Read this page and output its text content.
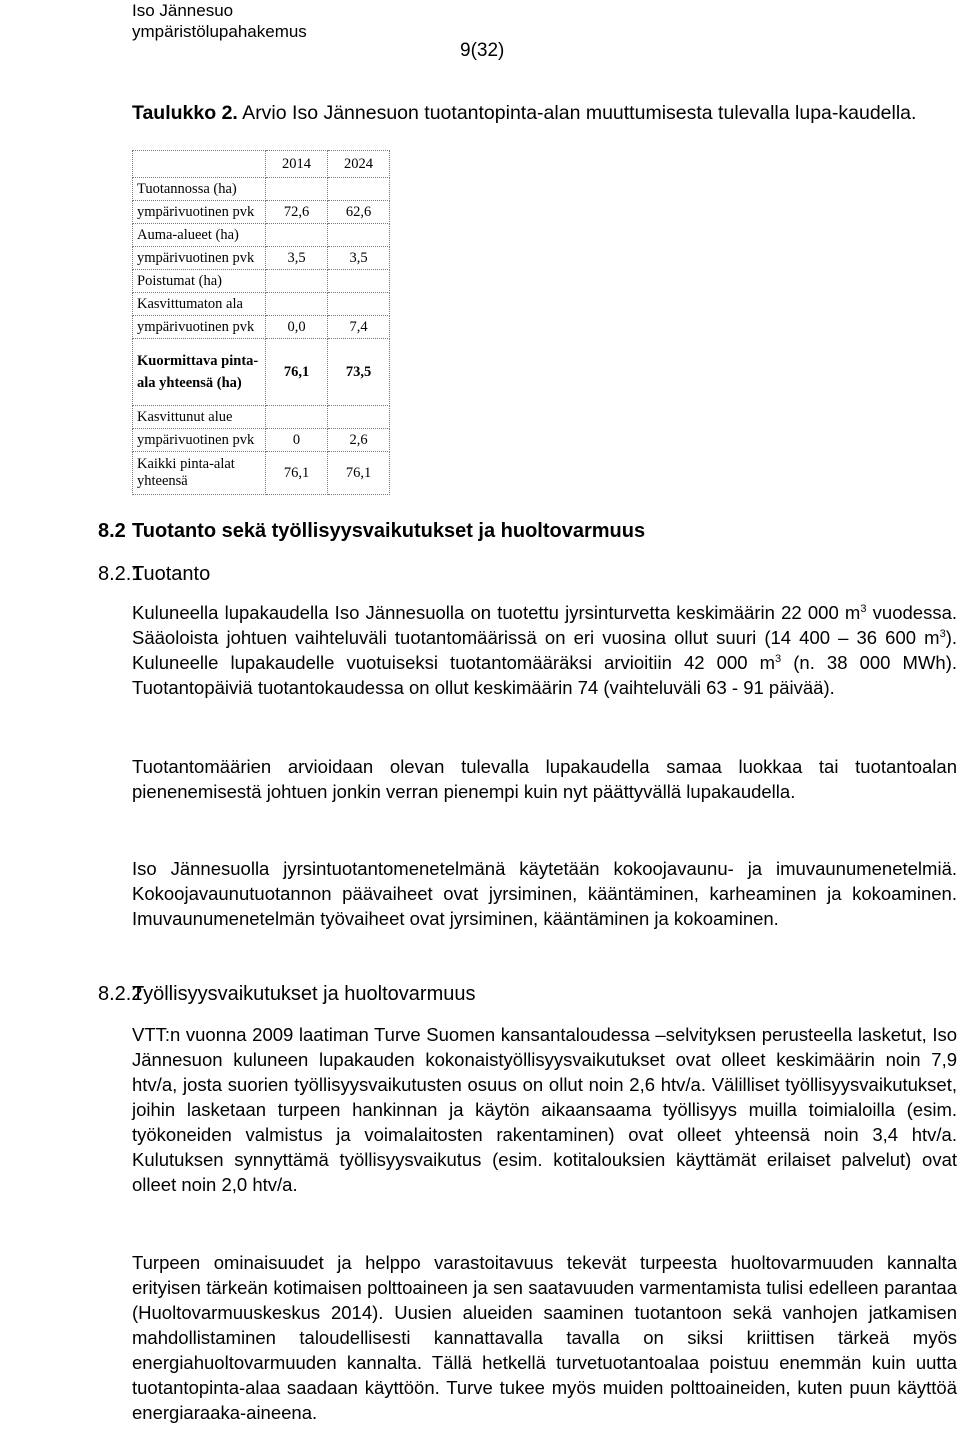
Iso Jännesuo
ympäristölupahakemus
9(32)

Taulukko 2. Arvio Iso Jännesuon tuotantopinta-alan muuttumisesta tulevalla lupa-kaudella.

	2014	2024
Tuotannossa (ha)		
ympärivuotinen pvk	72,6	62,6
Auma-alueet (ha)		
ympärivuotinen pvk	3,5	3,5
Poistumat (ha)		
Kasvittumaton ala		
ympärivuotinen pvk	0,0	7,4
Kuormittava pinta-ala yhteensä (ha)	76,1	73,5
Kasvittunut alue		
ympärivuotinen pvk	0	2,6
Kaikki pinta-alat yhteensä	76,1	76,1
8.2 Tuotanto sekä työllisyysvaikutukset ja huoltovarmuus
8.2.1Tuotanto

Kuluneella lupakaudella Iso Jännesuolla on tuotettu jyrsinturvetta keskimäärin 22 000 $m^3$ vuodessa. Sääoloista johtuen vaihteluväli tuotantomäärissä on eri vuosina ollut suuri (14 400 – 36 600 $m^3$). Kuluneelle lupakaudelle vuotuiseksi tuotantomääräksi arvioitiin 42 000 $m^3$ (n. 38 000 MWh). Tuotantopäiviä tuotantokaudessa on ollut keskimäärin 74 (vaihteluväli 63 - 91 päivää).

Tuotantomäärien arvioidaan olevan tulevalla lupakaudella samaa luokkaa tai tuotantoalan pienenemisestä johtuen jonkin verran pienempi kuin nyt päättyvällä lupakaudella.

Iso Jännesuolla jyrsintuotantomenetelmänä käytetään kokoojavaunu- ja imuvaunumenetelmiä. Kokoojavaunutuotannon päävaiheet ovat jyrsiminen, kääntäminen, karheaminen ja kokoaminen. Imuvaunumenetelmän työvaiheet ovat jyrsiminen, kääntäminen ja kokoaminen.

8.2.2Työllisyysvaikutukset ja huoltovarmuus

VTT:n vuonna 2009 laatiman Turve Suomen kansantaloudessa –selvityksen perusteella lasketut, Iso Jännesuon kuluneen lupakauden kokonaistyöllisyysvaikutukset ovat olleet keskimäärin noin 7,9 htv/a, josta suorien työllisyysvaikutusten osuus on ollut noin 2,6 htv/a. Välilliset työllisyysvaikutukset, joihin lasketaan turpeen hankinnan ja käytön aikaansaama työllisyys muilla toimialoilla (esim. työkoneiden valmistus ja voimalaitosten rakentaminen) ovat olleet yhteensä noin 3,4 htv/a. Kulutuksen synnyttämä työllisyysvaikutus (esim. kotitalouksien käyttämät erilaiset palvelut) ovat olleet noin 2,0 htv/a.

Turpeen ominaisuudet ja helppo varastoitavuus tekevät turpeesta huoltovarmuuden kannalta erityisen tärkeän kotimaisen polttoaineen ja sen saatavuuden varmentamista tulisi edelleen parantaa (Huoltovarmuuskeskus 2014). Uusien alueiden saaminen tuotantoon sekä vanhojen jatkamisen mahdollistaminen taloudellisesti kannattavalla tavalla on siksi kriittisen tärkeä myös energiahuoltovarmuuden kannalta. Tällä hetkellä turvetuotantoalaa poistuu enemmän kuin uutta tuotantopinta-alaa saadaan käyttöön. Turve tukee myös muiden polttoaineiden, kuten puun käyttöä energiaraaka-aineena.
